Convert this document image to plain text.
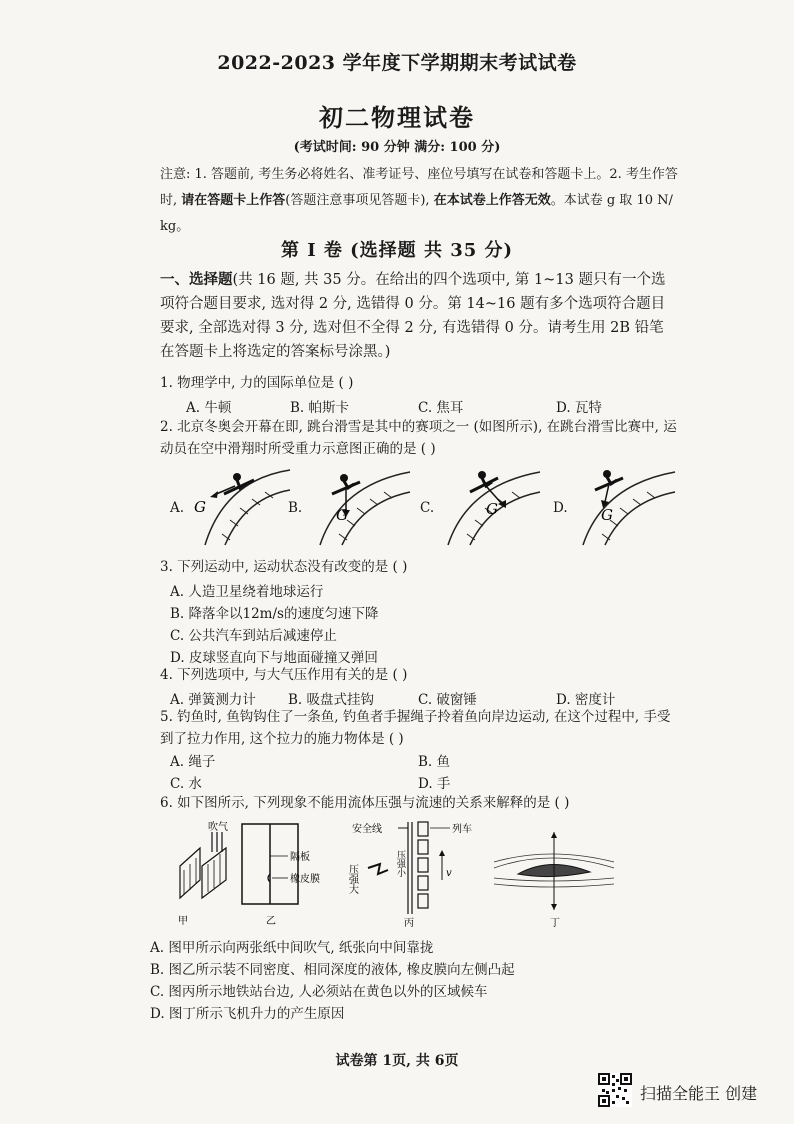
2022-2023 学年度下学期期末考试试卷
初二物理试卷
(考试时间: 90 分钟 满分: 100 分)
注意: 1. 答题前, 考生务必将姓名、准考证号、座位号填写在试卷和答题卡上。2. 考生作答时, 请在答题卡上作答(答题注意事项见答题卡), 在本试卷上作答无效。本试卷 g 取 10 N/ kg。
第 I 卷 (选择题 共 35 分)
一、选择题(共 16 题, 共 35 分。在给出的四个选项中, 第 1~13 题只有一个选项符合题目要求, 选对得 2 分, 选错得 0 分。第 14~16 题有多个选项符合题目要求, 全部选对得 3 分, 选对但不全得 2 分, 有选错得 0 分。请考生用 2B 铅笔在答题卡上将选定的答案标号涂黑。)
1. 物理学中, 力的国际单位是 ( )
A. 牛顿	B. 帕斯卡	C. 焦耳	D. 瓦特
2. 北京冬奥会开幕在即, 跳台滑雪是其中的赛项之一 (如图所示), 在跳台滑雪比赛中, 运动员在空中滑翔时所受重力示意图正确的是 ( )
A.	B.	C.	D.
G	G	G	G
3. 下列运动中, 运动状态没有改变的是 ( )
A. 人造卫星绕着地球运行
B. 降落伞以12m/s的速度匀速下降
C. 公共汽车到站后减速停止
D. 皮球竖直向下与地面碰撞又弹回
4. 下列选项中, 与大气压作用有关的是 ( )
A. 弹簧测力计 B. 吸盘式挂钩	C. 破窗锤	D. 密度计
5. 钓鱼时, 鱼钩钩住了一条鱼, 钓鱼者手握绳子拎着鱼向岸边运动, 在这个过程中, 手受到了拉力作用, 这个拉力的施力物体是 ( )
A. 绳子	B. 鱼
C. 水	D. 手
6. 如下图所示, 下列现象不能用流体压强与流速的关系来解释的是 ( )
吹气
甲
隔板
橡皮膜
乙
安全线	列车
压强大
压强小	v
丙	丁
A. 图甲所示向两张纸中间吹气, 纸张向中间靠拢
B. 图乙所示装不同密度、相同深度的液体, 橡皮膜向左侧凸起
C. 图丙所示地铁站台边, 人必须站在黄色以外的区域候车
D. 图丁所示飞机升力的产生原因
试卷第 1页, 共 6页
扫描全能王 创建
